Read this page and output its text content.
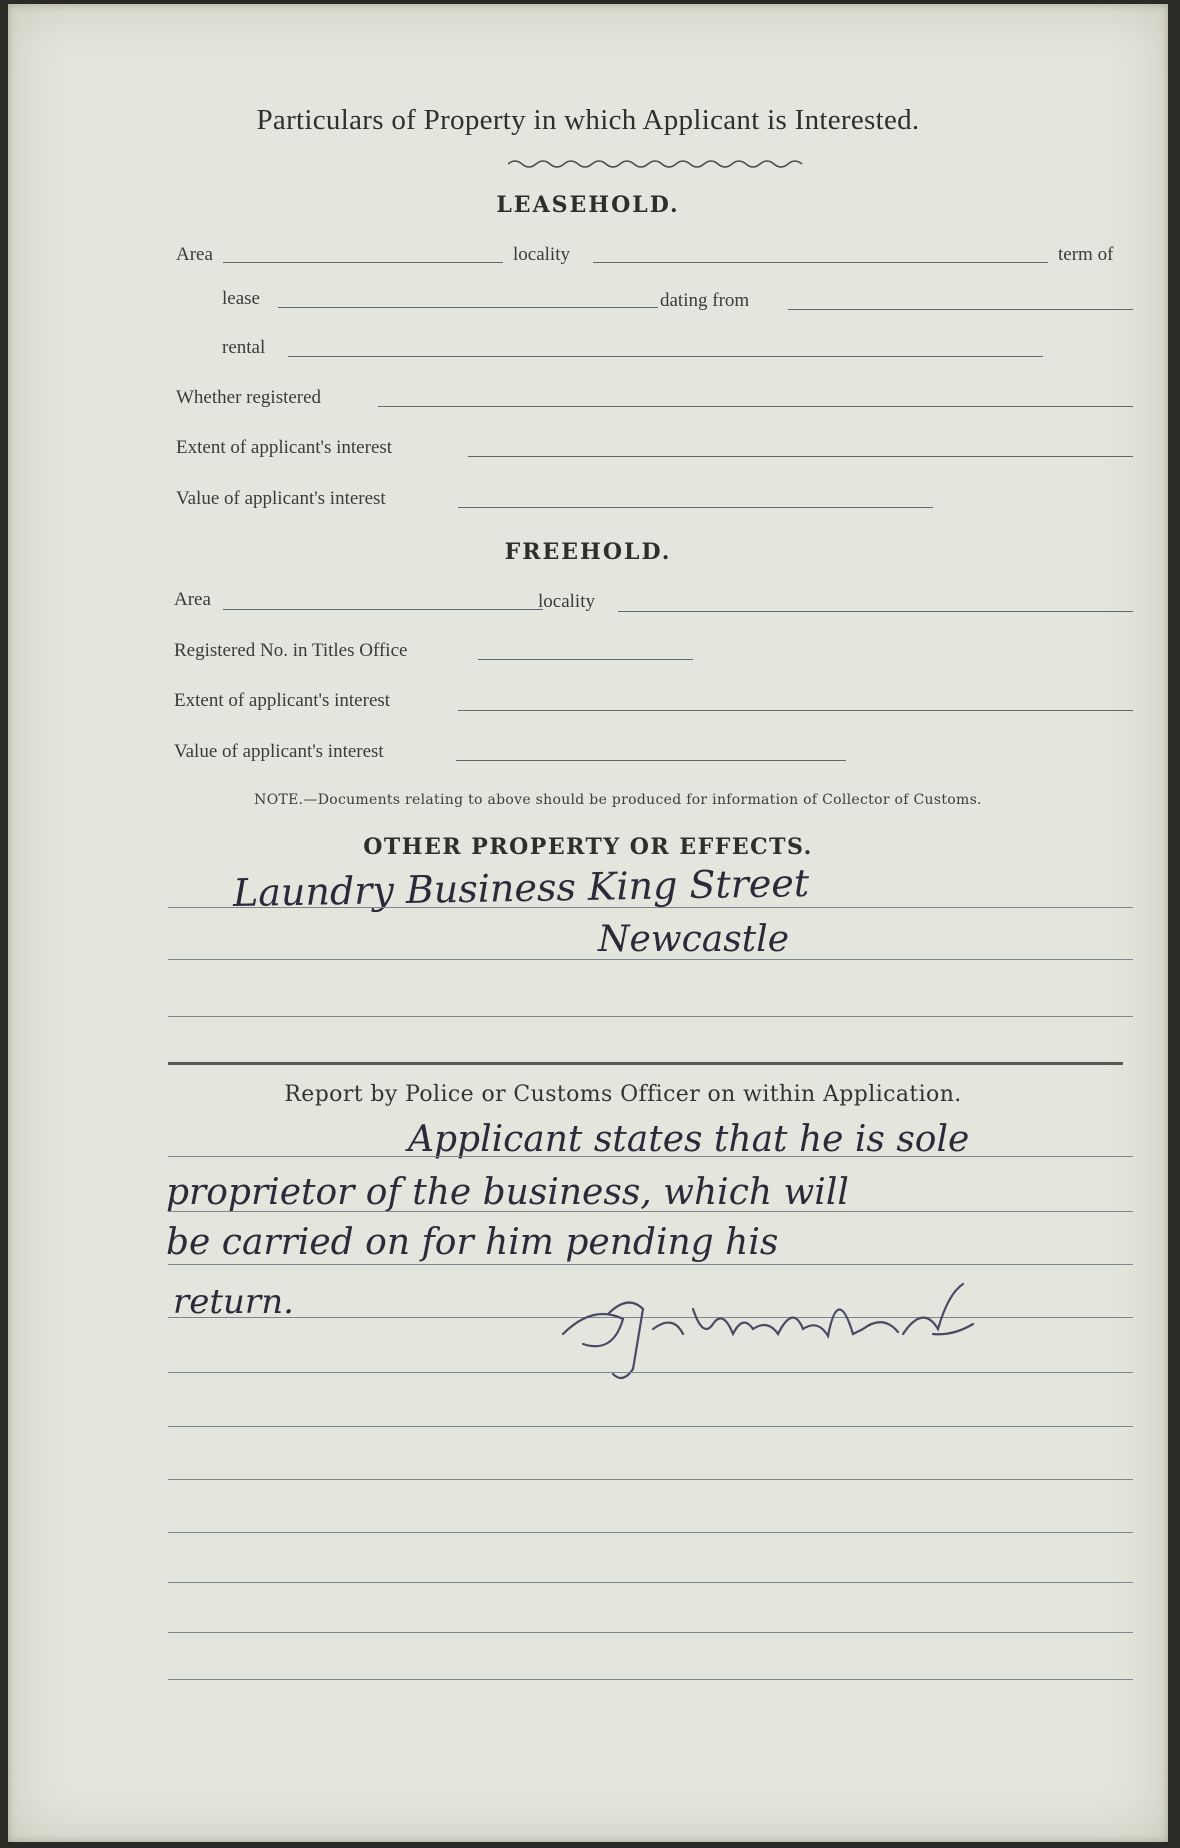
Particulars of Property in which Applicant is Interested.
LEASEHOLD.
Area	locality	term of
lease	dating from
rental
Whether registered
Extent of applicant's interest
Value of applicant's interest
FREEHOLD.
Area	locality
Registered No. in Titles Office
Extent of applicant's interest
Value of applicant's interest
NOTE.—Documents relating to above should be produced for information of Collector of Customs.
OTHER PROPERTY OR EFFECTS.
Laundry Business King Street
Newcastle
Report by Police or Customs Officer on within Application.
Applicant states that he is sole
proprietor of the business, which will
be carried on for him pending his
return.
J.H. Walford
